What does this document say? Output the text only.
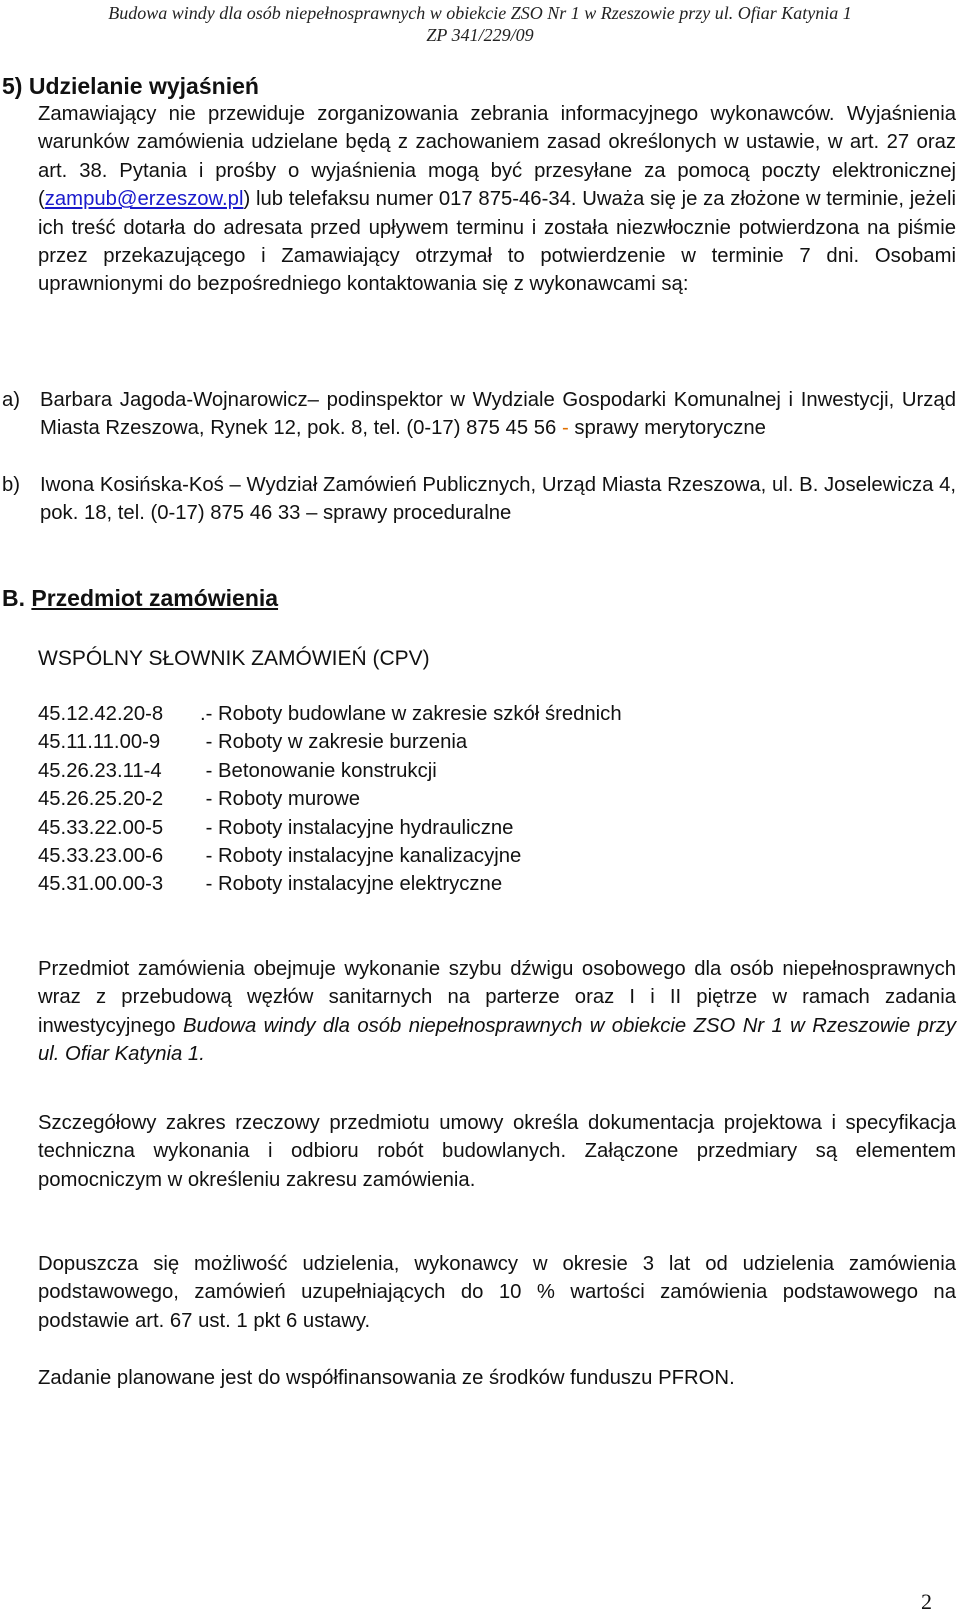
Budowa windy dla osób niepełnosprawnych w obiekcie ZSO Nr 1 w Rzeszowie przy ul. Ofiar Katynia 1
ZP 341/229/09
5) Udzielanie wyjaśnień
Zamawiający nie przewiduje zorganizowania zebrania informacyjnego wykonawców. Wyjaśnienia warunków zamówienia udzielane będą z zachowaniem zasad określonych w ustawie, w art. 27 oraz art. 38. Pytania i prośby o wyjaśnienia mogą być przesyłane za pomocą poczty elektronicznej (zampub@erzeszow.pl) lub telefaksu numer 017 875-46-34. Uważa się je za złożone w terminie, jeżeli ich treść dotarła do adresata przed upływem terminu i została niezwłocznie potwierdzona na piśmie przez przekazującego i Zamawiający otrzymał to potwierdzenie w terminie 7 dni. Osobami uprawnionymi do bezpośredniego kontaktowania się z wykonawcami są:
a) Barbara Jagoda-Wojnarowicz– podinspektor w Wydziale Gospodarki Komunalnej i Inwestycji, Urząd Miasta Rzeszowa, Rynek 12, pok. 8, tel. (0-17) 875 45 56 - sprawy merytoryczne
b) Iwona Kosińska-Koś – Wydział Zamówień Publicznych, Urząd Miasta Rzeszowa, ul. B. Joselewicza 4, pok. 18, tel. (0-17) 875 46 33 – sprawy proceduralne
B. Przedmiot zamówienia
WSPÓLNY SŁOWNIK ZAMÓWIEŃ (CPV)
45.12.42.20-8 .- Roboty budowlane w zakresie szkół średnich
45.11.11.00-9 - Roboty w zakresie burzenia
45.26.23.11-4 - Betonowanie konstrukcji
45.26.25.20-2 - Roboty murowe
45.33.22.00-5 - Roboty instalacyjne hydrauliczne
45.33.23.00-6 - Roboty instalacyjne kanalizacyjne
45.31.00.00-3 - Roboty instalacyjne elektryczne
Przedmiot zamówienia obejmuje wykonanie szybu dźwigu osobowego dla osób niepełnosprawnych wraz z przebudową węzłów sanitarnych na parterze oraz I i II piętrze w ramach zadania inwestycyjnego Budowa windy dla osób niepełnosprawnych w obiekcie ZSO Nr 1 w Rzeszowie przy ul. Ofiar Katynia 1.
Szczegółowy zakres rzeczowy przedmiotu umowy określa dokumentacja projektowa i specyfikacja techniczna wykonania i odbioru robót budowlanych. Załączone przedmiary są elementem pomocniczym w określeniu zakresu zamówienia.
Dopuszcza się możliwość udzielenia, wykonawcy w okresie 3 lat od udzielenia zamówienia podstawowego, zamówień uzupełniających do 10 % wartości zamówienia podstawowego na podstawie art. 67 ust. 1 pkt 6 ustawy.
Zadanie planowane jest do współfinansowania ze środków funduszu PFRON.
2
